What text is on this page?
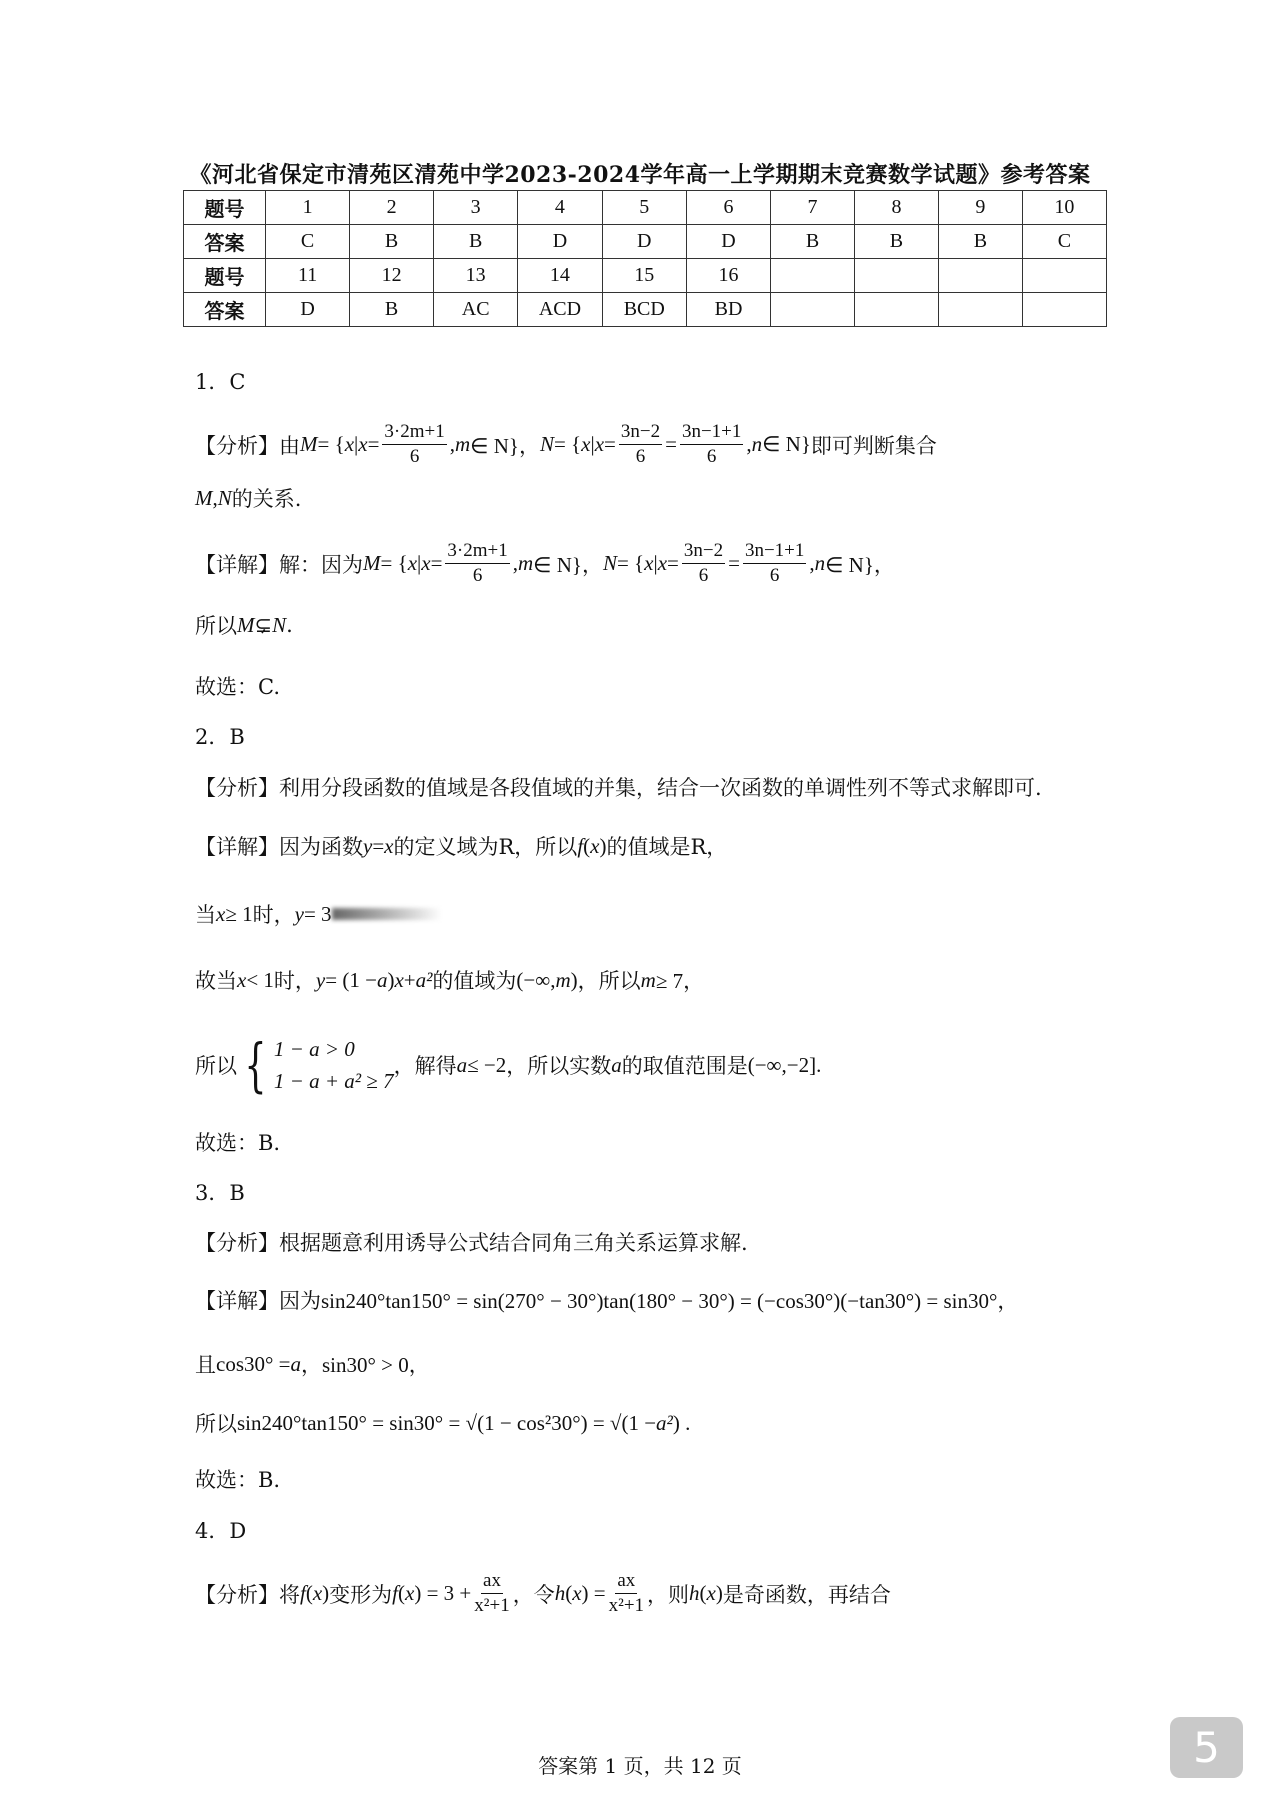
《河北省保定市清苑区清苑中学2023-2024学年高一上学期期末竞赛数学试题》参考答案
题号	1	2	3	4	5	6	7	8	9	10
答案	C	B	B	D	D	D	B	B	B	C
题号	11	12	13	14	15	16				
答案	D	B	AC	ACD	BCD	BD				
1．C
【分析】由 M = { x | $x = \frac{3\cdot 2m+1}{6}$ , m ∈ N}， N = { x | $x = \frac{3n-2}{6} = \frac{3n-1+1}{6}$ , n ∈ N} 即可判断集合
M , N 的关系.
【详解】解：因为 M = { x | $x = \frac{3\cdot 2m+1}{6}$ , m ∈ N}， N = { x | $x = \frac{3n-2}{6} = \frac{3n-1+1}{6}$ , n ∈ N}，
所以 M ⊊ N .
故选：C.
2．B
【分析】利用分段函数的值域是各段值域的并集，结合一次函数的单调性列不等式求解即可.
【详解】因为函数 y = x 的定义域为R，所以 f ( x ) 的值域是R，
当 x ≥ 1 时， y = 3
故当 x < 1 时， y = (1 − a ) x + a² 的值域为 (−∞, m ) ，所以 m ≥ 7，
所以 { 1 − a > 0
1 − a + a² ≥ 7
，解得 a ≤ −2 ，所以实数 a 的取值范围是 (−∞,−2].
故选：B.
3．B
【分析】根据题意利用诱导公式结合同角三角关系运算求解.
【详解】因为 sin240°tan150° = sin(270° − 30°)tan(180° − 30°) = (−cos30°)(−tan30°) = sin30°，
且 cos30° = a ，sin30° > 0，
所以 sin240°tan150° = sin30° = √(1 − cos²30°) = √(1 − a² ) .
故选：B.
4．D
【分析】将 f ( x ) 变形为 f ( x ) = $3 + \frac{ax}{\text{x²+1}}$ ，令 h ( x ) = $\frac{ax}{\text{x²+1}}$ ，则 h ( x ) 是奇函数，再结合
答案第 1 页，共 12 页	5
